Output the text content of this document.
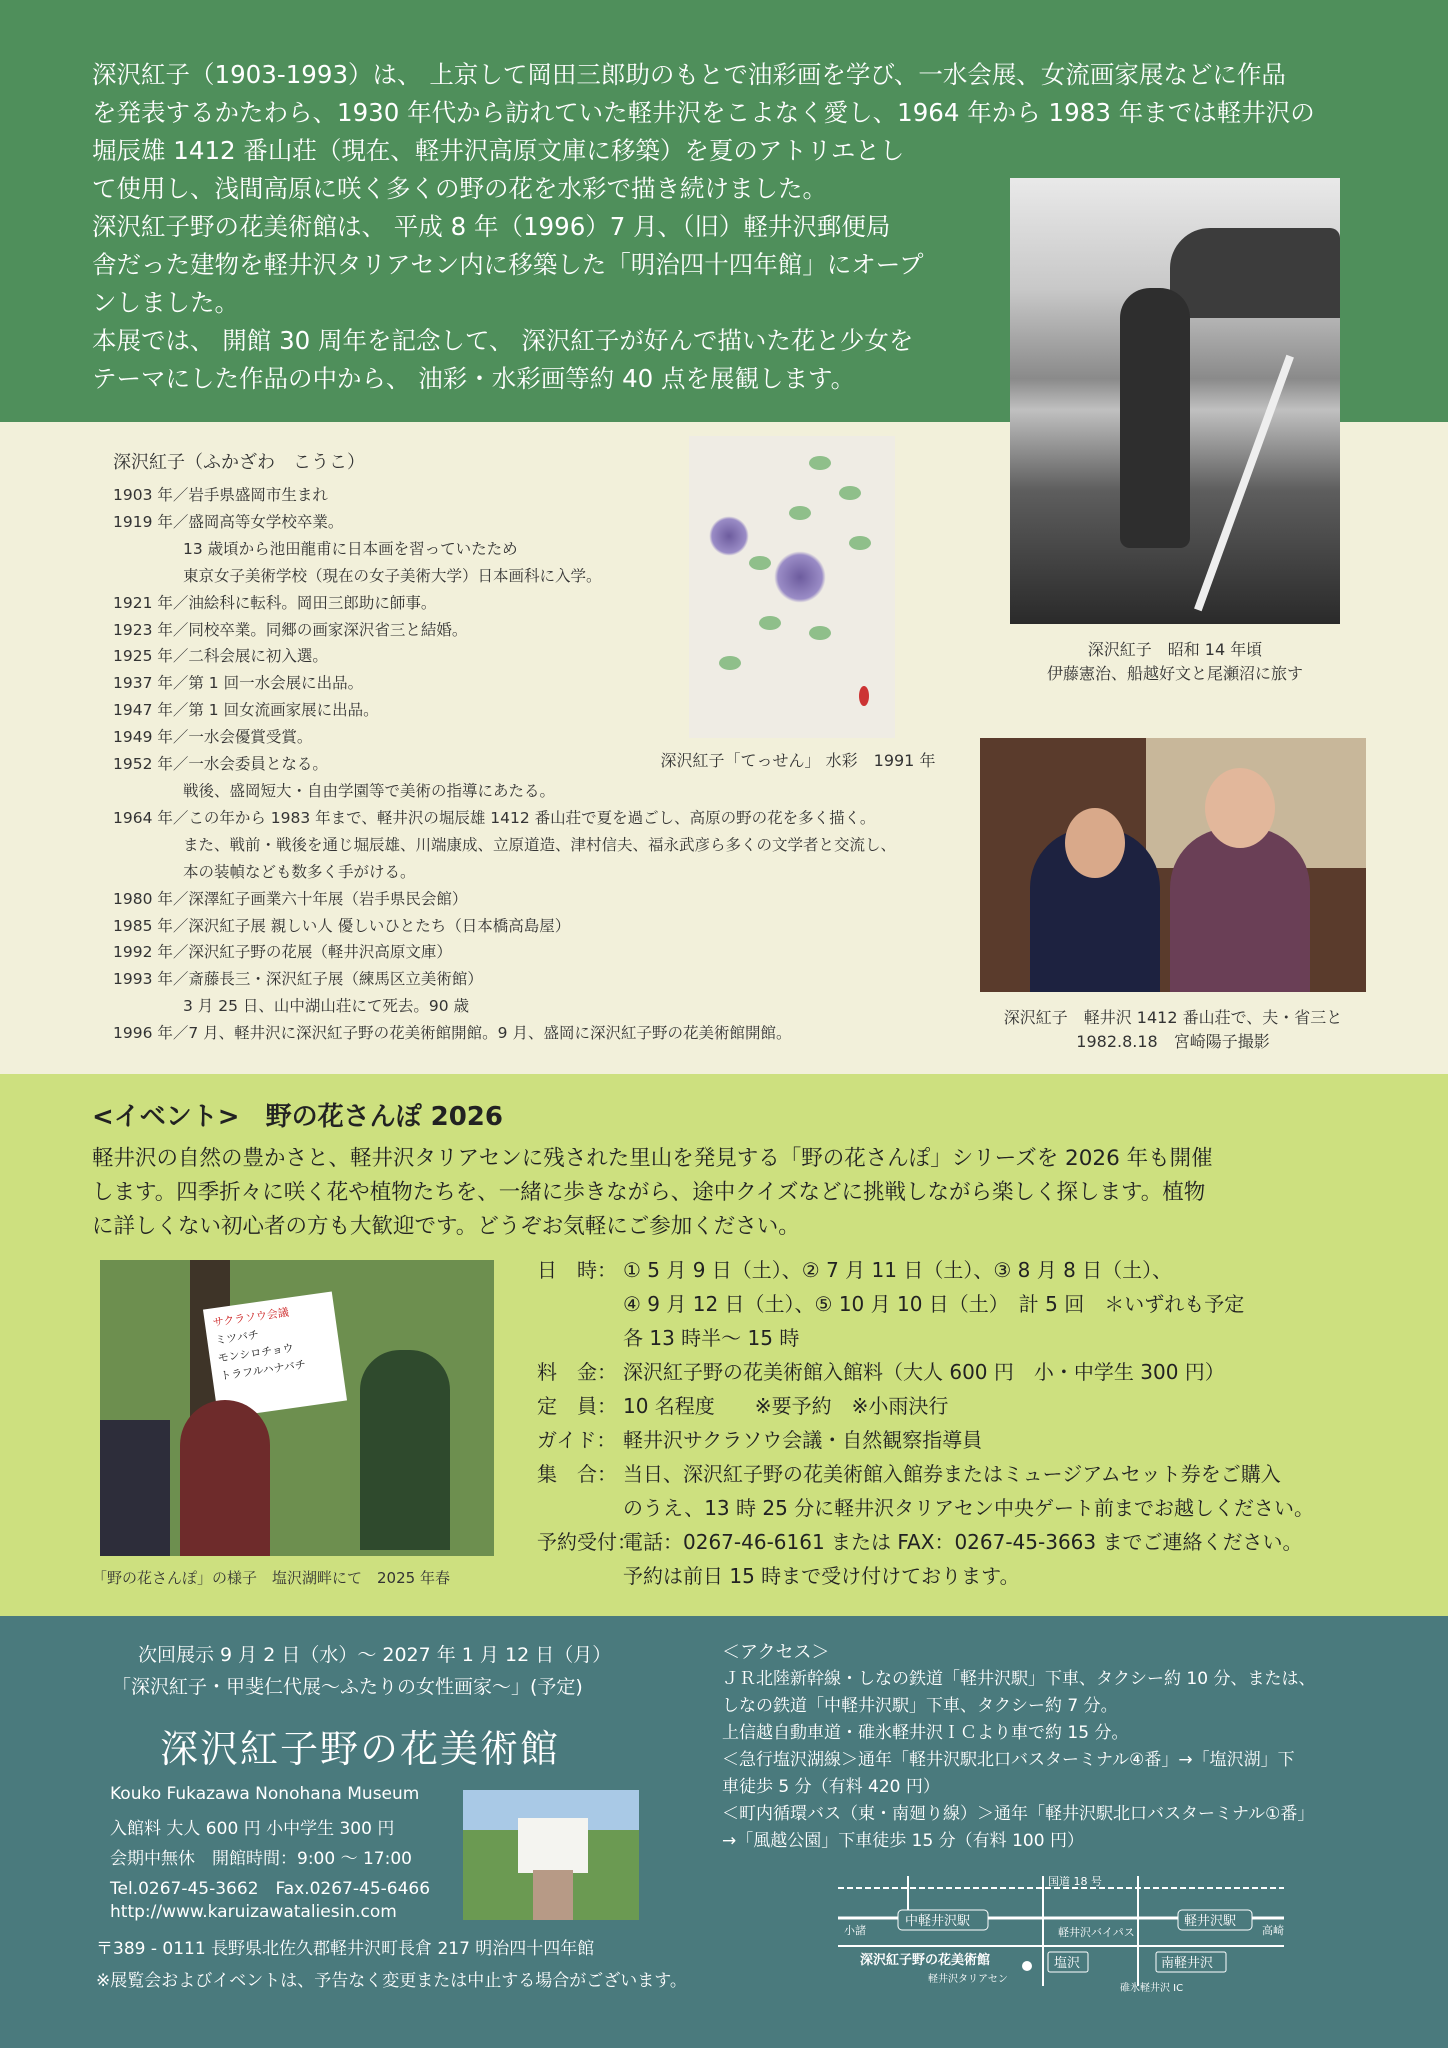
深沢紅子（1903-1993）は、 上京して岡田三郎助のもとで油彩画を学び、一水会展、女流画家展などに作品

を発表するかたわら、1930 年代から訪れていた軽井沢をこよなく愛し、1964 年から 1983 年までは軽井沢の

堀辰雄 1412 番山荘（現在、軽井沢高原文庫に移築）を夏のアトリエとし

て使用し、浅間高原に咲く多くの野の花を水彩で描き続けました。

深沢紅子野の花美術館は、 平成 8 年（1996）7 月、（旧）軽井沢郵便局

舎だった建物を軽井沢タリアセン内に移築した「明治四十四年館」にオープ

ンしました。

本展では、 開館 30 周年を記念して、 深沢紅子が好んで描いた花と少女を

テーマにした作品の中から、 油彩・水彩画等約 40 点を展観します。

深沢紅子　昭和 14 年頃
伊藤憲治、船越好文と尾瀬沼に旅す
深沢紅子「てっせん」 水彩　1991 年
深沢紅子（ふかざわ　こうこ）
1903 年／岩手県盛岡市生まれ
1919 年／盛岡高等女学校卒業。
13 歳頃から池田龍甫に日本画を習っていたため
東京女子美術学校（現在の女子美術大学）日本画科に入学。
1921 年／油絵科に転科。岡田三郎助に師事。
1923 年／同校卒業。同郷の画家深沢省三と結婚。
1925 年／二科会展に初入選。
1937 年／第 1 回一水会展に出品。
1947 年／第 1 回女流画家展に出品。
1949 年／一水会優賞受賞。
1952 年／一水会委員となる。
戦後、盛岡短大・自由学園等で美術の指導にあたる。
1964 年／この年から 1983 年まで、軽井沢の堀辰雄 1412 番山荘で夏を過ごし、高原の野の花を多く描く。
また、戦前・戦後を通じ堀辰雄、川端康成、立原道造、津村信夫、福永武彦ら多くの文学者と交流し、
本の装幀なども数多く手がける。
1980 年／深澤紅子画業六十年展（岩手県民会館）
1985 年／深沢紅子展 親しい人 優しいひとたち（日本橋高島屋）
1992 年／深沢紅子野の花展（軽井沢高原文庫）
1993 年／斎藤長三・深沢紅子展（練馬区立美術館）
3 月 25 日、山中湖山荘にて死去。90 歳
1996 年／7 月、軽井沢に深沢紅子野の花美術館開館。9 月、盛岡に深沢紅子野の花美術館開館。
深沢紅子　軽井沢 1412 番山荘で、夫・省三と
1982.8.18　宮崎陽子撮影
<イベント>　野の花さんぽ 2026
軽井沢の自然の豊かさと、軽井沢タリアセンに残された里山を発見する「野の花さんぽ」シリーズを 2026 年も開催
します。四季折々に咲く花や植物たちを、一緒に歩きながら、途中クイズなどに挑戦しながら楽しく探します。植物
に詳しくない初心者の方も大歓迎です。どうぞお気軽にご参加ください。
サクラソウ会議
ミツバチ
モンシロチョウ
トラフルハナバチ
「野の花さんぽ」の様子　塩沢湖畔にて　2025 年春
日　時： ① 5 月 9 日（土）、② 7 月 11 日（土）、③ 8 月 8 日（土）、
④ 9 月 12 日（土）、⑤ 10 月 10 日（土）　計 5 回　＊いずれも予定
各 13 時半～ 15 時
料　金： 深沢紅子野の花美術館入館料（大人 600 円　小・中学生 300 円）
定　員： 10 名程度　　※要予約　※小雨決行
ガイド： 軽井沢サクラソウ会議・自然観察指導員
集　合： 当日、深沢紅子野の花美術館入館券またはミュージアムセット券をご購入
のうえ、13 時 25 分に軽井沢タリアセン中央ゲート前までお越しください。
予約受付：
電話：0267-46-6161 または FAX：0267-45-3663 までご連絡ください。
予約は前日 15 時まで受け付けております。
次回展示 9 月 2 日（水）～ 2027 年 1 月 12 日（月）
「深沢紅子・甲斐仁代展～ふたりの女性画家～」(予定)
深沢紅子野の花美術館
Kouko Fukazawa Nonohana Museum
入館料 大人 600 円 小中学生 300 円
会期中無休　開館時間：9:00 ～ 17:00
Tel.0267-45-3662　Fax.0267-45-6466
http://www.karuizawataliesin.com
〒389 - 0111 長野県北佐久郡軽井沢町長倉 217 明治四十四年館
※展覧会およびイベントは、予告なく変更または中止する場合がございます。
＜アクセス＞
ＪＲ北陸新幹線・しなの鉄道「軽井沢駅」下車、タクシー約 10 分、または、
しなの鉄道「中軽井沢駅」下車、タクシー約 7 分。
上信越自動車道・碓氷軽井沢ＩＣより車で約 15 分。
＜急行塩沢湖線＞通年「軽井沢駅北口バスターミナル④番」→「塩沢湖」下
車徒歩 5 分（有料 420 円）
＜町内循環バス（東・南廻り線）＞通年「軽井沢駅北口バスターミナル①番」
→「風越公園」下車徒歩 15 分（有料 100 円）
国道 18 号
小諸
中軽井沢駅
軽井沢バイパス
軽井沢駅
高崎
深沢紅子野の花美術館
軽井沢タリアセン
塩沢	南軽井沢
碓氷軽井沢 IC
